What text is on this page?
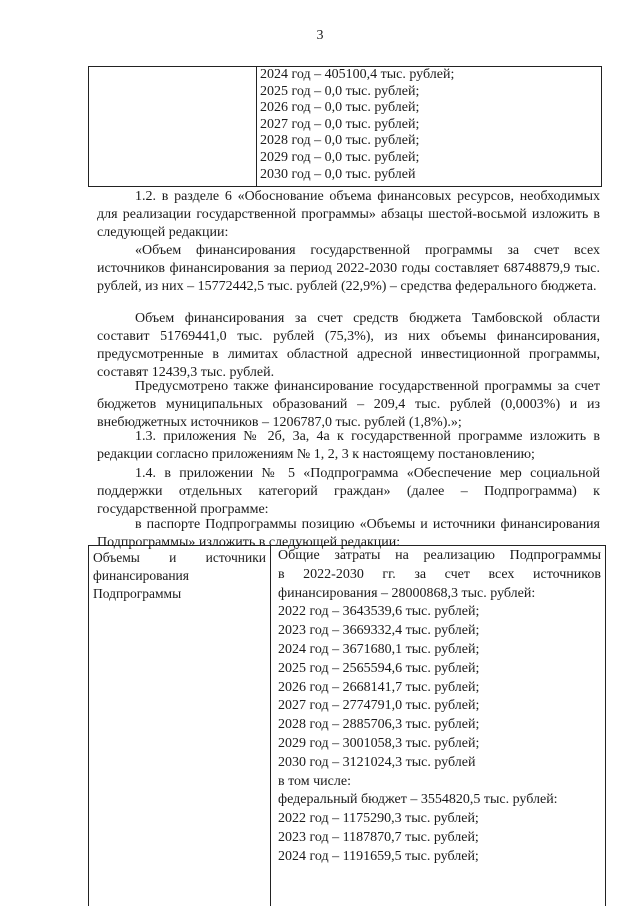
3
2024 год – 405100,4 тыс. рублей;
2025 год – 0,0 тыс. рублей;
2026 год – 0,0 тыс. рублей;
2027 год – 0,0 тыс. рублей;
2028 год – 0,0 тыс. рублей;
2029 год – 0,0 тыс. рублей;
2030 год – 0,0 тыс. рублей
1.2. в разделе 6 «Обоснование объема финансовых ресурсов, необходимых для реализации государственной программы» абзацы шестой-восьмой изложить в следующей редакции:
«Объем финансирования государственной программы за счет всех источников финансирования за период 2022-2030 годы составляет 68748879,9 тыс. рублей, из них – 15772442,5 тыс. рублей (22,9%) – средства федерального бюджета.
Объем финансирования за счет средств бюджета Тамбовской области составит 51769441,0 тыс. рублей (75,3%), из них объемы финансирования, предусмотренные в лимитах областной адресной инвестиционной программы, составят 12439,3 тыс. рублей.
Предусмотрено также финансирование государственной программы за счет бюджетов муниципальных образований – 209,4 тыс. рублей (0,0003%) и из внебюджетных источников – 1206787,0 тыс. рублей (1,8%).»;
1.3. приложения № 2б, 3а, 4а к государственной программе изложить в редакции согласно приложениям № 1, 2, 3 к настоящему постановлению;
1.4. в приложении № 5 «Подпрограмма «Обеспечение мер социальной поддержки отдельных категорий граждан» (далее – Подпрограмма) к государственной программе:
в паспорте Подпрограммы позицию «Объемы и источники финансирования Подпрограммы» изложить в следующей редакции:
Объемы и источники финансирования Подпрограммы
Общие затраты на реализацию Подпрограммы
в 2022-2030 гг. за счет всех источников
финансирования – 28000868,3 тыс. рублей:
2022 год – 3643539,6 тыс. рублей;
2023 год – 3669332,4 тыс. рублей;
2024 год – 3671680,1 тыс. рублей;
2025 год – 2565594,6 тыс. рублей;
2026 год – 2668141,7 тыс. рублей;
2027 год – 2774791,0 тыс. рублей;
2028 год – 2885706,3 тыс. рублей;
2029 год – 3001058,3 тыс. рублей;
2030 год – 3121024,3 тыс. рублей
в том числе:
федеральный бюджет – 3554820,5 тыс. рублей:
2022 год – 1175290,3 тыс. рублей;
2023 год – 1187870,7 тыс. рублей;
2024 год – 1191659,5 тыс. рублей;
